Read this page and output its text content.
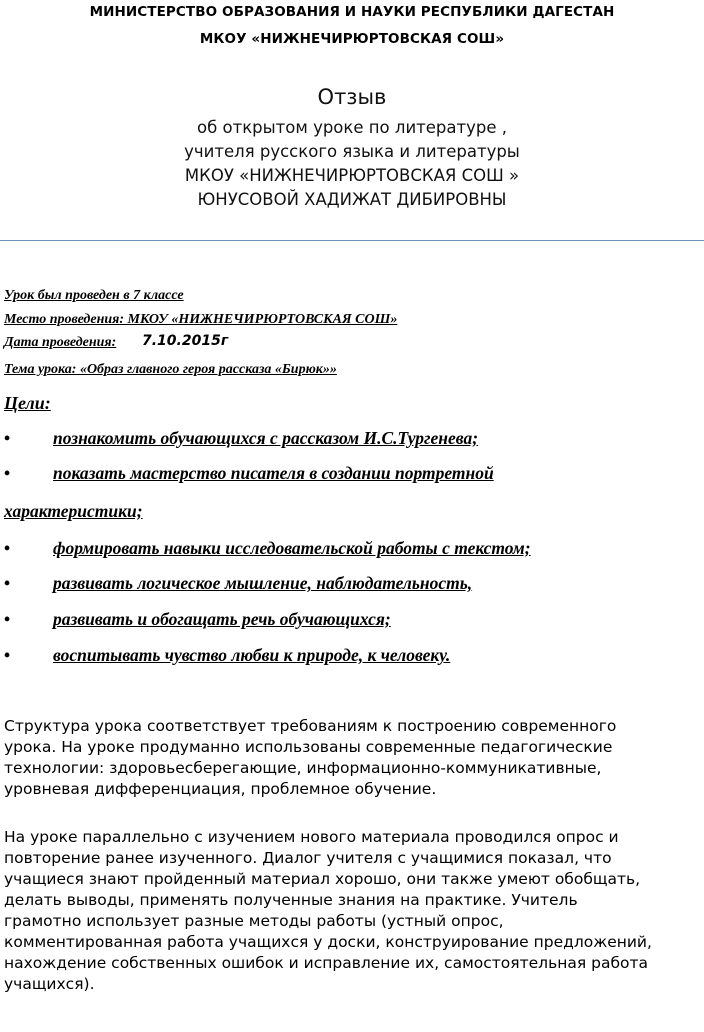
МИНИСТЕРСТВО ОБРАЗОВАНИЯ И НАУКИ РЕСПУБЛИКИ ДАГЕСТАН
МКОУ «НИЖНЕЧИРЮРТОВСКАЯ СОШ»
Отзыв
об открытом уроке по литературе ,
учителя русского языка и литературы
МКОУ «НИЖНЕЧИРЮРТОВСКАЯ СОШ »
ЮНУСОВОЙ ХАДИЖАТ ДИБИРОВНЫ
Урок был проведен в 7 классе
Место проведения: МКОУ «НИЖНЕЧИРЮРТОВСКАЯ СОШ»
Дата проведения: 7.10.2015г
Тема урока: «Образ главного героя рассказа «Бирюк»»
Цели:
• познакомить обучающихся с рассказом И.С.Тургенева;
• показать мастерство писателя в создании портретной
характеристики;
• формировать навыки исследовательской работы с текстом;
• развивать логическое мышление, наблюдательность,
• развивать и обогащать речь обучающихся;
• воспитывать чувство любви к природе, к человеку.
Структура урока соответствует требованиям к построению современного
урока. На уроке продуманно использованы современные педагогические
технологии: здоровьесберегающие, информационно-коммуникативные,
уровневая дифференциация, проблемное обучение.
На уроке параллельно с изучением нового материала проводился опрос и
повторение ранее изученного. Диалог учителя с учащимися показал, что
учащиеся знают пройденный материал хорошо, они также умеют обобщать,
делать выводы, применять полученные знания на практике. Учитель
грамотно использует разные методы работы (устный опрос,
комментированная работа учащихся у доски, конструирование предложений,
нахождение собственных ошибок и исправление их, самостоятельная работа
учащихся).
